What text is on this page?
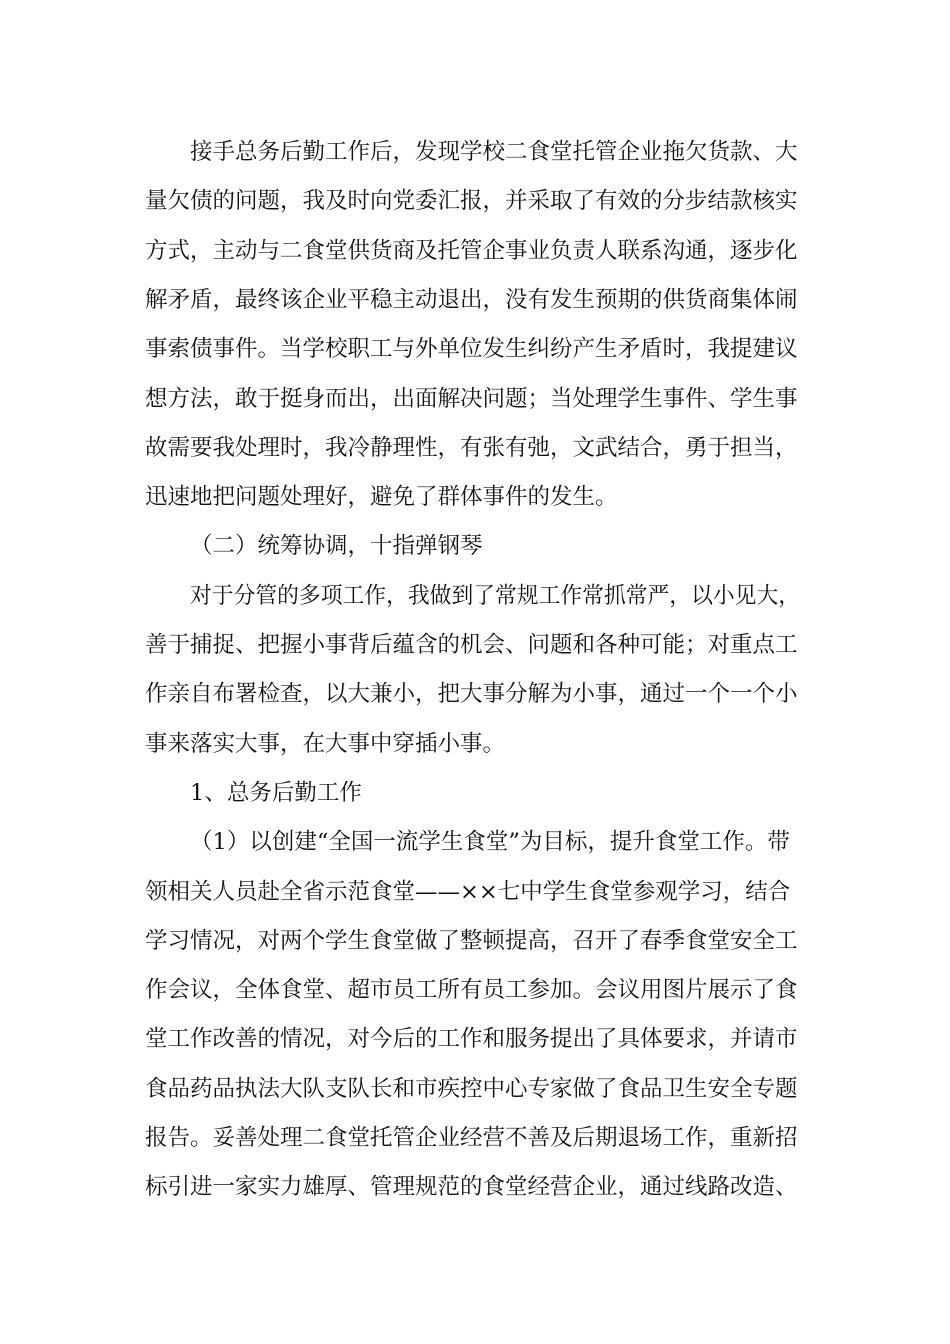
接手总务后勤工作后，发现学校二食堂托管企业拖欠货款、大
量欠债的问题，我及时向党委汇报，并采取了有效的分步结款核实
方式，主动与二食堂供货商及托管企事业负责人联系沟通，逐步化
解矛盾，最终该企业平稳主动退出，没有发生预期的供货商集体闹
事索债事件。当学校职工与外单位发生纠纷产生矛盾时，我提建议
想方法，敢于挺身而出，出面解决问题；当处理学生事件、学生事
故需要我处理时，我冷静理性，有张有弛，文武结合，勇于担当，
迅速地把问题处理好，避免了群体事件的发生。
（二）统筹协调，十指弹钢琴
对于分管的多项工作，我做到了常规工作常抓常严，以小见大，
善于捕捉、把握小事背后蕴含的机会、问题和各种可能；对重点工
作亲自布署检查，以大兼小，把大事分解为小事，通过一个一个小
事来落实大事，在大事中穿插小事。
1、总务后勤工作
（1）以创建“全国一流学生食堂”为目标，提升食堂工作。带
领相关人员赴全省示范食堂——××七中学生食堂参观学习，结合
学习情况，对两个学生食堂做了整顿提高，召开了春季食堂安全工
作会议，全体食堂、超市员工所有员工参加。会议用图片展示了食
堂工作改善的情况，对今后的工作和服务提出了具体要求，并请市
食品药品执法大队支队长和市疾控中心专家做了食品卫生安全专题
报告。妥善处理二食堂托管企业经营不善及后期退场工作，重新招
标引进一家实力雄厚、管理规范的食堂经营企业，通过线路改造、
